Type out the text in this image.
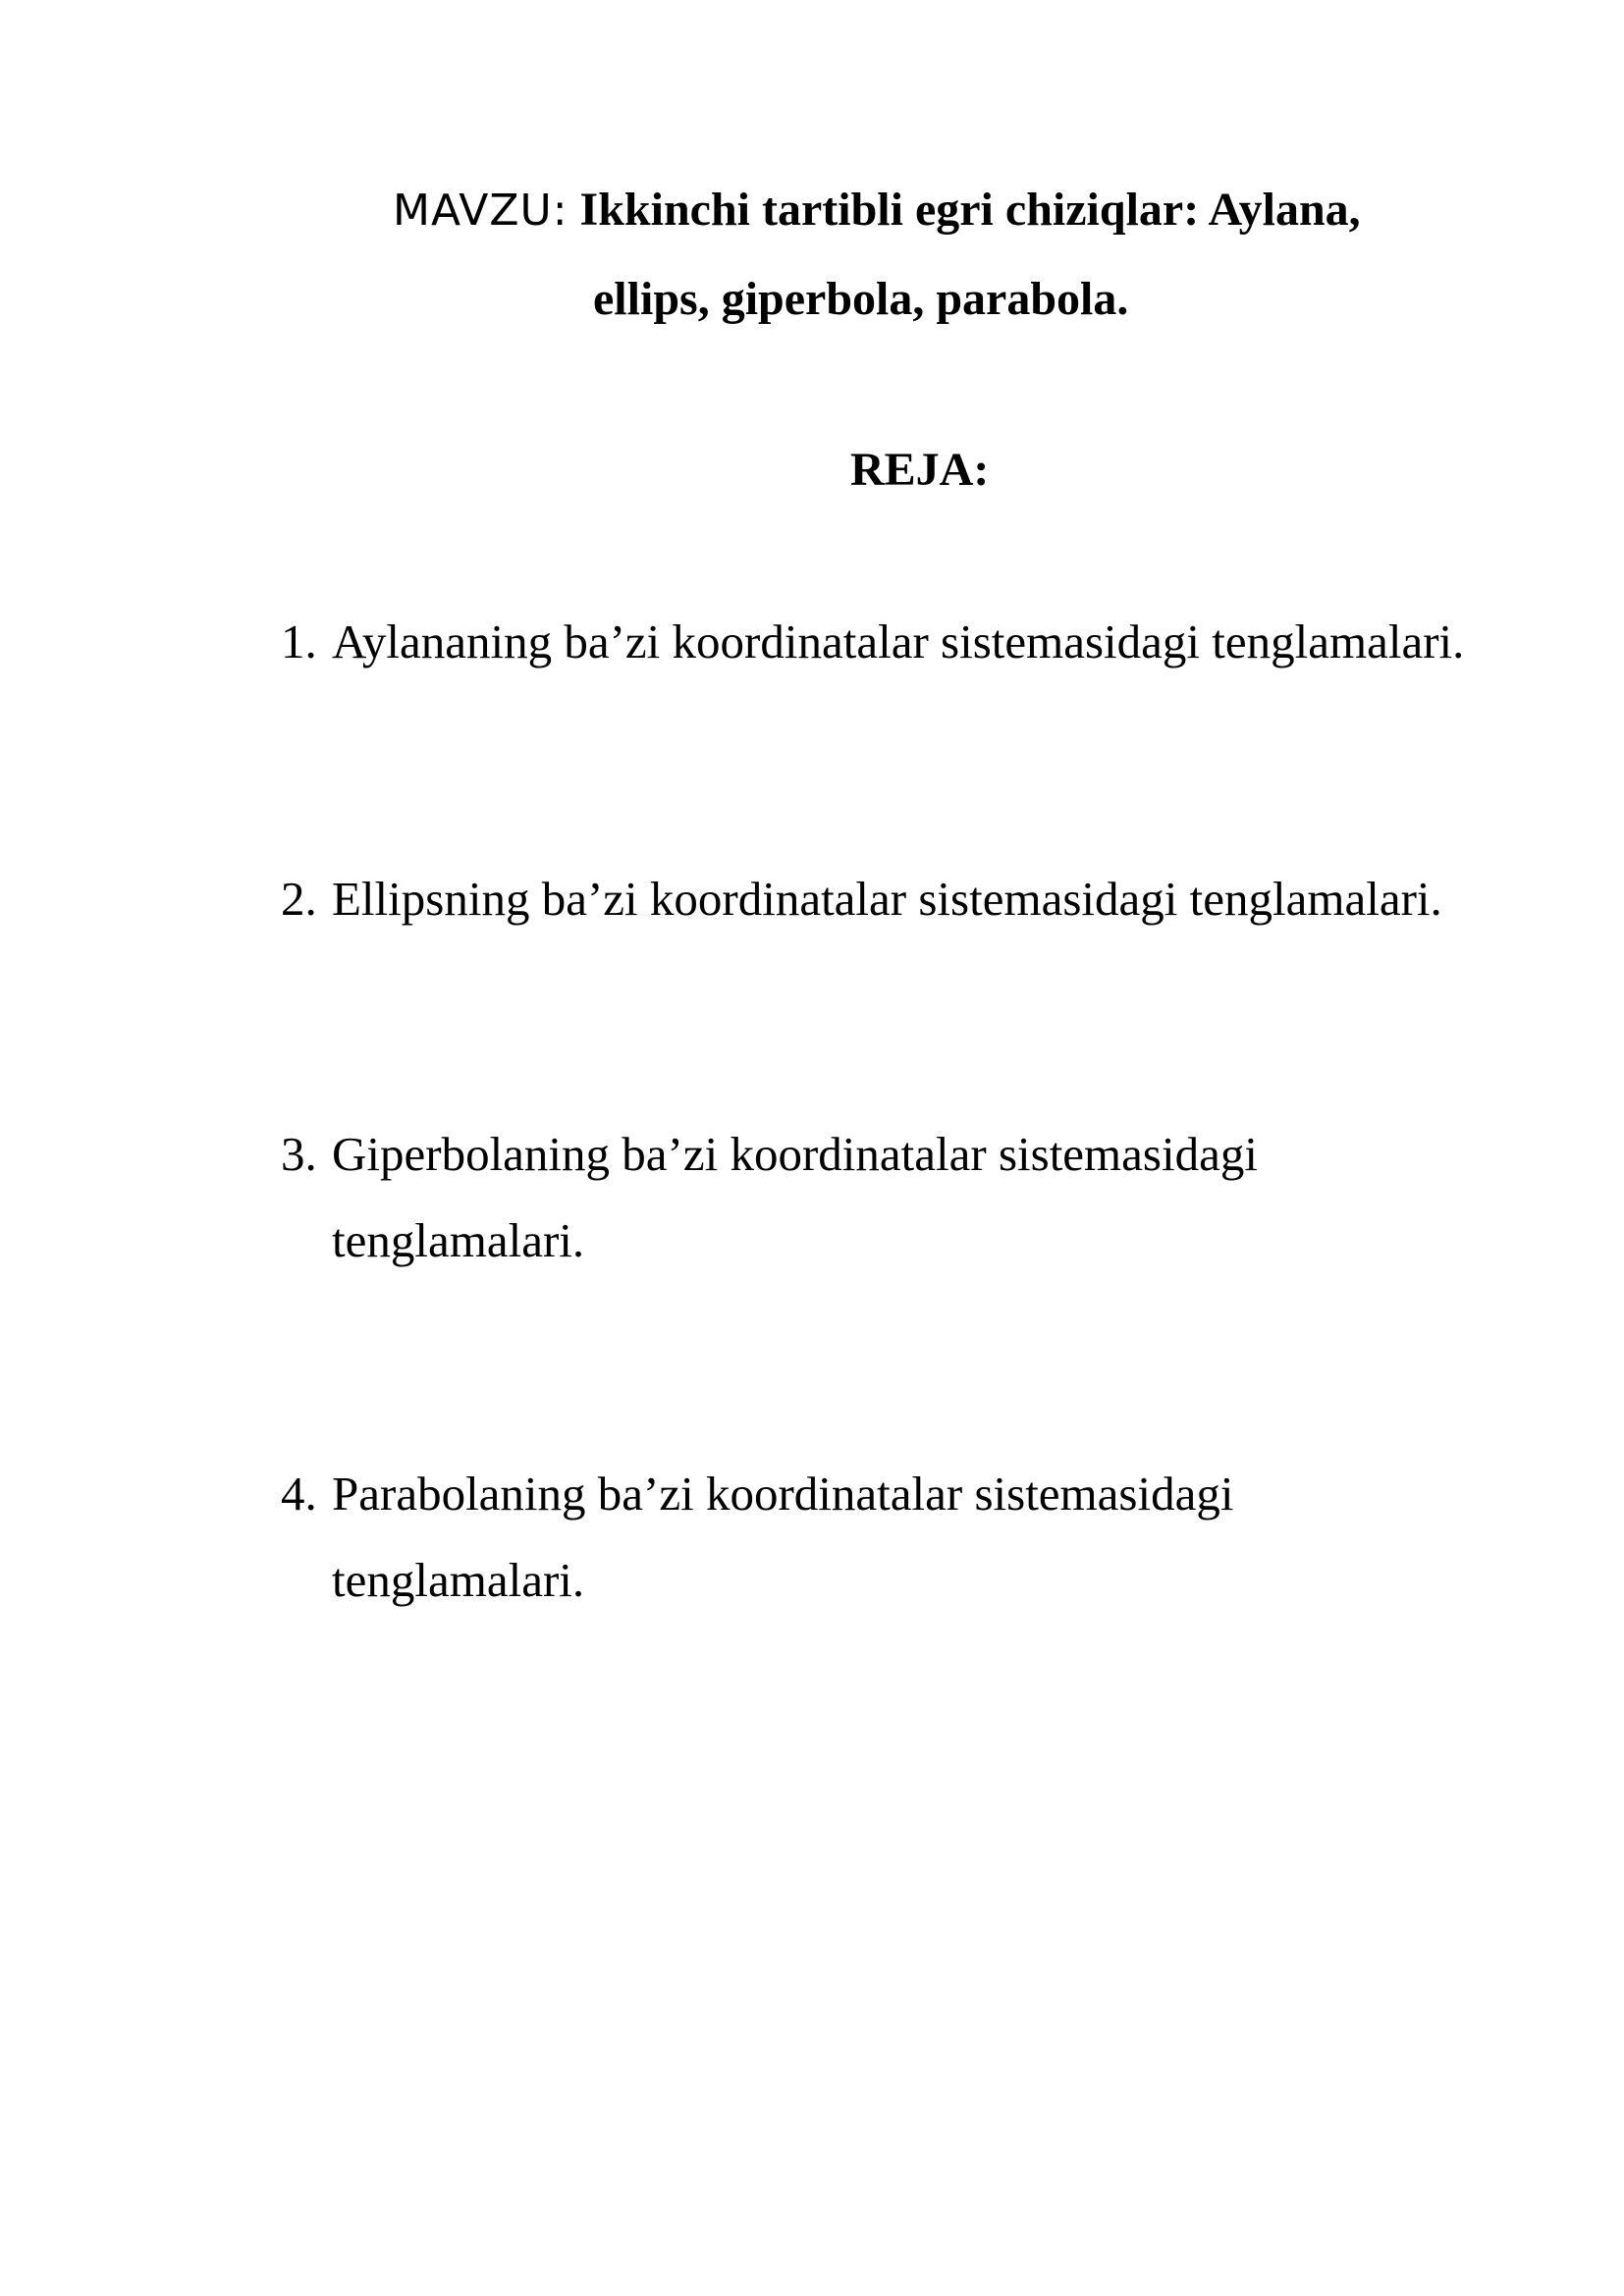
MAVZU: Ikkinchi tartibli egri chiziqlar: Aylana,
ellips, giperbola, parabola.
REJA:
1. Aylananing ba’zi koordinatalar sistemasidagi tenglamalari.
2. Ellipsning ba’zi koordinatalar sistemasidagi tenglamalari.
3. Giperbolaning ba’zi koordinatalar sistemasidagi
tenglamalari.
4. Parabolaning ba’zi koordinatalar sistemasidagi
tenglamalari.
